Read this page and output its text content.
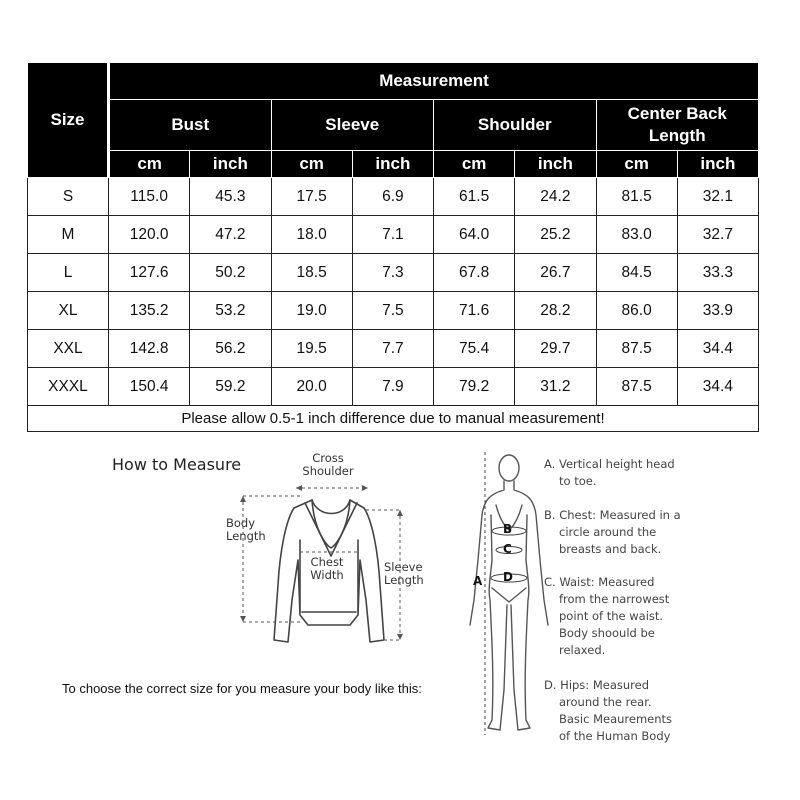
Size	Measurement							
	Bust		Sleeve		Shoulder		Center Back Length	
	cm	inch	cm	inch	cm	inch	cm	inch
S	115.0	45.3	17.5	6.9	61.5	24.2	81.5	32.1
M	120.0	47.2	18.0	7.1	64.0	25.2	83.0	32.7
L	127.6	50.2	18.5	7.3	67.8	26.7	84.5	33.3
XL	135.2	53.2	19.0	7.5	71.6	28.2	86.0	33.9
XXL	142.8	56.2	19.5	7.7	75.4	29.7	87.5	34.4
XXXL	150.4	59.2	20.0	7.9	79.2	31.2	87.5	34.4
Please allow 0.5-1 inch difference due to manual measurement!								
How to Measure	Cross
Shoulder
Body
Length
Chest
Width
Sleeve
Length	A
B
C
D
A. Vertical height head
to toe.
B. Chest: Measured in a
circle around the
breasts and back.
C. Waist: Measured
from the narrowest
point of the waist.
Body shoould be
relaxed.
D. Hips: Measured
around the rear.
Basic Meaurements
of the Human Body
To choose the correct size for you measure your body like this:
